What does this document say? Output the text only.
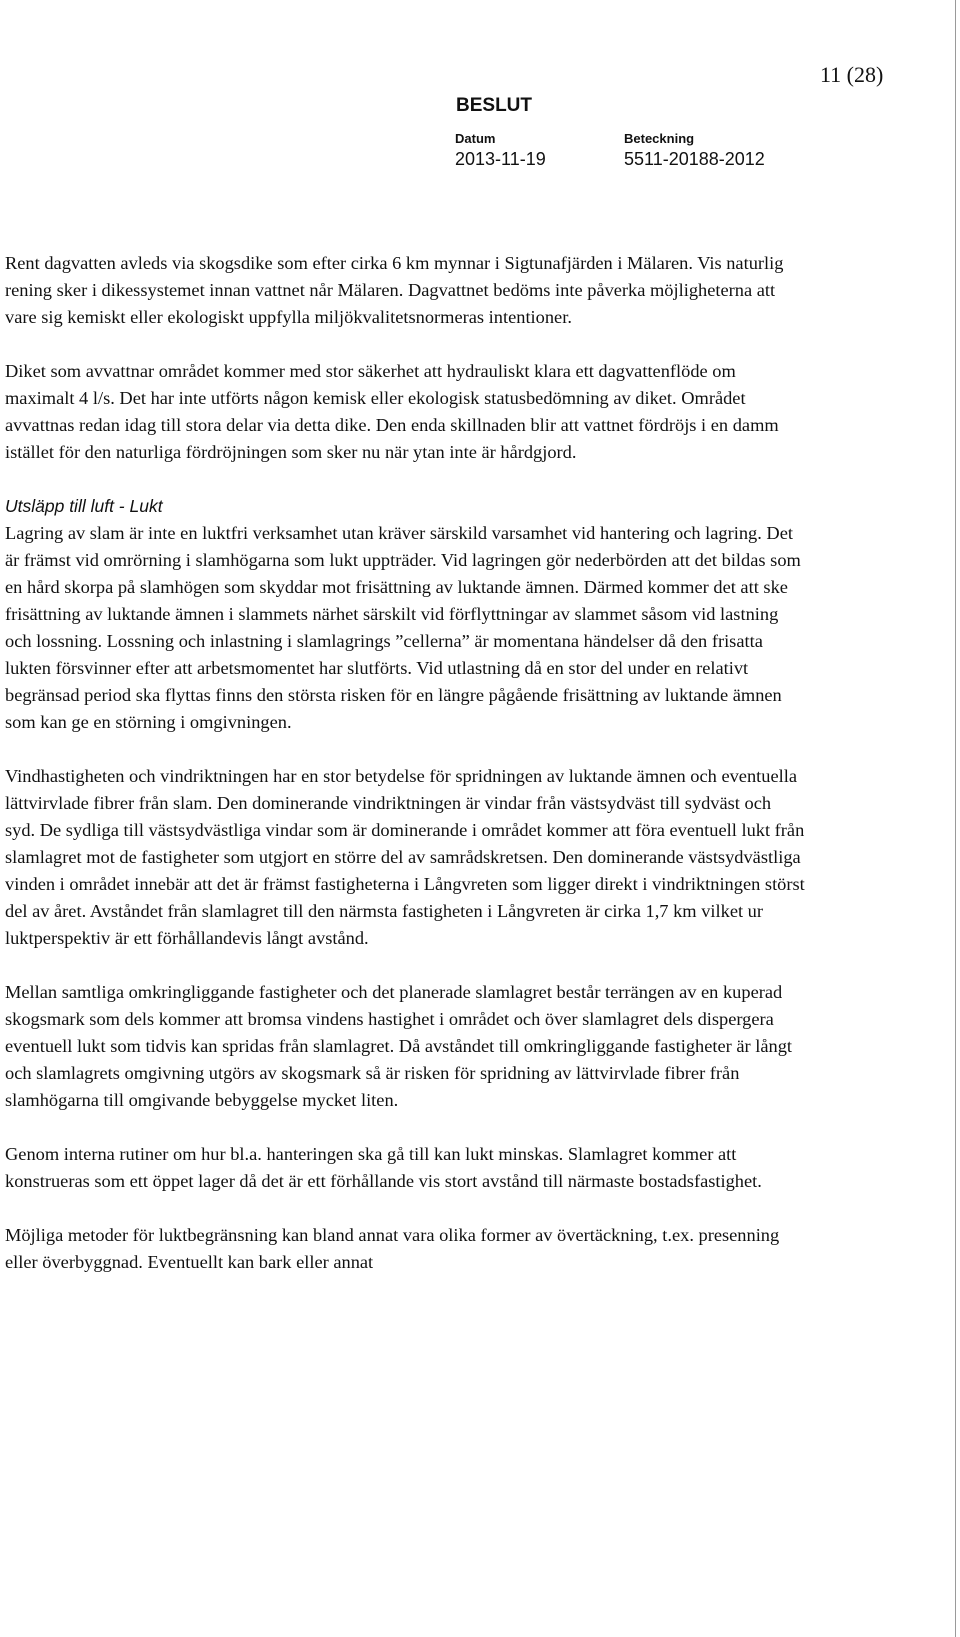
11 (28)
BESLUT
Datum
2013-11-19
Beteckning
5511-20188-2012

Rent dagvatten avleds via skogsdike som efter cirka 6 km mynnar i Sigtunafjärden i Mälaren. Vis naturlig rening sker i dikessystemet innan vattnet når Mälaren. Dagvattnet bedöms inte påverka möjligheterna att vare sig kemiskt eller ekologiskt uppfylla miljökvalitetsnormeras intentioner.

Diket som avvattnar området kommer med stor säkerhet att hydrauliskt klara ett dagvattenflöde om maximalt 4 l/s. Det har inte utförts någon kemisk eller ekologisk statusbedömning av diket. Området avvattnas redan idag till stora delar via detta dike. Den enda skillnaden blir att vattnet fördröjs i en damm istället för den naturliga fördröjningen som sker nu när ytan inte är hårdgjord.

Utsläpp till luft - Lukt

Lagring av slam är inte en luktfri verksamhet utan kräver särskild varsamhet vid hantering och lagring. Det är främst vid omrörning i slamhögarna som lukt uppträder. Vid lagringen gör nederbörden att det bildas som en hård skorpa på slamhögen som skyddar mot frisättning av luktande ämnen. Därmed kommer det att ske frisättning av luktande ämnen i slammets närhet särskilt vid förflyttningar av slammet såsom vid lastning och lossning. Lossning och inlastning i slamlagrings ”cellerna” är momentana händelser då den frisatta lukten försvinner efter att arbetsmomentet har slutförts. Vid utlastning då en stor del under en relativt begränsad period ska flyttas finns den största risken för en längre pågående frisättning av luktande ämnen som kan ge en störning i omgivningen.

Vindhastigheten och vindriktningen har en stor betydelse för spridningen av luktande ämnen och eventuella lättvirvlade fibrer från slam. Den dominerande vindriktningen är vindar från västsydväst till sydväst och syd. De sydliga till västsydvästliga vindar som är dominerande i området kommer att föra eventuell lukt från slamlagret mot de fastigheter som utgjort en större del av samrådskretsen. Den dominerande västsydvästliga vinden i området innebär att det är främst fastigheterna i Långvreten som ligger direkt i vindriktningen störst del av året. Avståndet från slamlagret till den närmsta fastigheten i Långvreten är cirka 1,7 km vilket ur luktperspektiv är ett förhållandevis långt avstånd.

Mellan samtliga omkringliggande fastigheter och det planerade slamlagret består terrängen av en kuperad skogsmark som dels kommer att bromsa vindens hastighet i området och över slamlagret dels dispergera eventuell lukt som tidvis kan spridas från slamlagret. Då avståndet till omkringliggande fastigheter är långt och slamlagrets omgivning utgörs av skogsmark så är risken för spridning av lättvirvlade fibrer från slamhögarna till omgivande bebyggelse mycket liten.

Genom interna rutiner om hur bl.a. hanteringen ska gå till kan lukt minskas. Slamlagret kommer att konstrueras som ett öppet lager då det är ett förhållande vis stort avstånd till närmaste bostadsfastighet.

Möjliga metoder för luktbegränsning kan bland annat vara olika former av övertäckning, t.ex. presenning eller överbyggnad. Eventuellt kan bark eller annat
